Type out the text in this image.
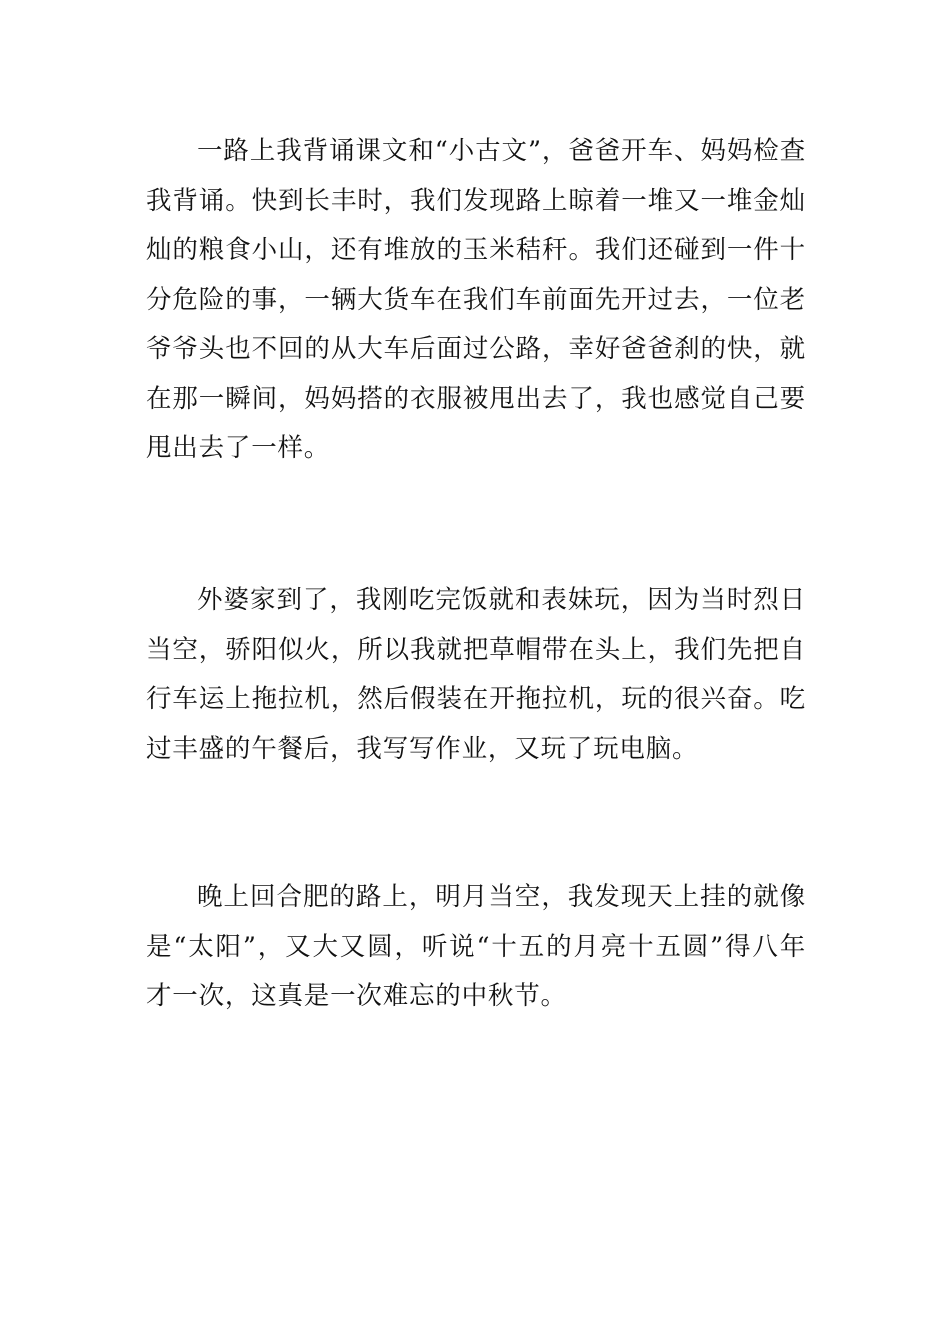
一路上我背诵课文和“小古文”，爸爸开车、妈妈检查我背诵。快到长丰时，我们发现路上晾着一堆又一堆金灿灿的粮食小山，还有堆放的玉米秸秆。我们还碰到一件十分危险的事，一辆大货车在我们车前面先开过去，一位老爷爷头也不回的从大车后面过公路，幸好爸爸刹的快，就在那一瞬间，妈妈搭的衣服被甩出去了，我也感觉自己要甩出去了一样。

外婆家到了，我刚吃完饭就和表妹玩，因为当时烈日当空，骄阳似火，所以我就把草帽带在头上，我们先把自行车运上拖拉机，然后假装在开拖拉机，玩的很兴奋。吃过丰盛的午餐后，我写写作业，又玩了玩电脑。

晚上回合肥的路上，明月当空，我发现天上挂的就像是“太阳”，又大又圆，听说“十五的月亮十五圆”得八年才一次，这真是一次难忘的中秋节。
